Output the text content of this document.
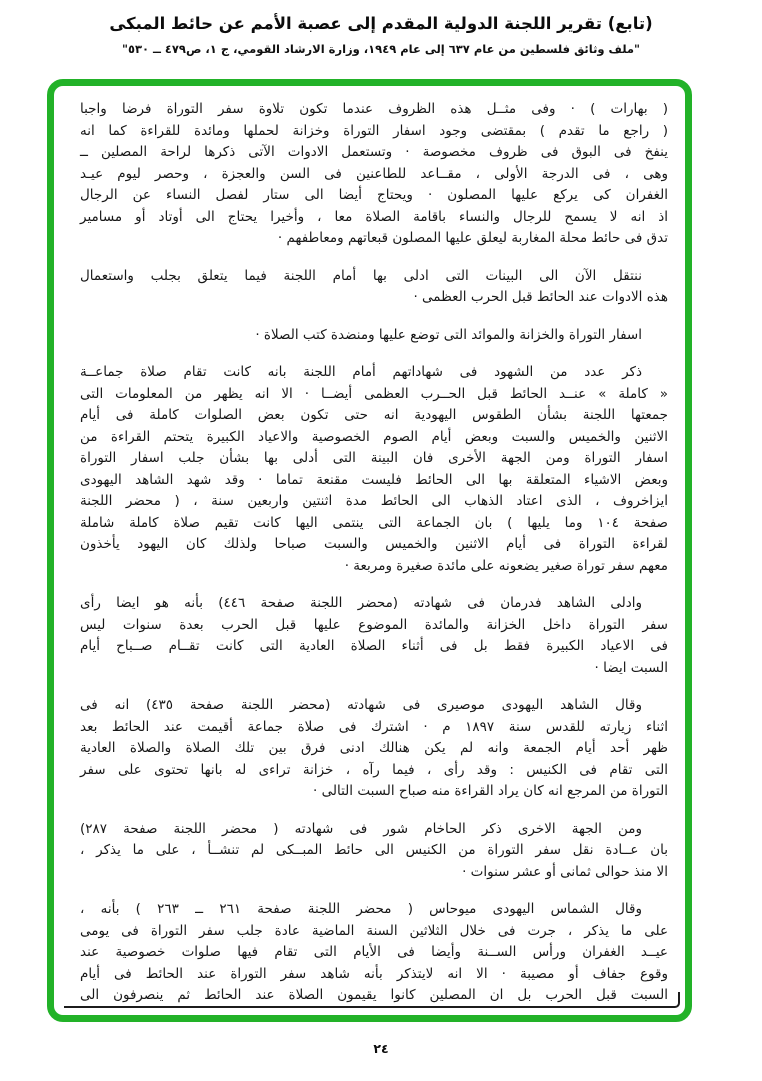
(تابع) تقرير اللجنة الدولية المقدم إلى عصبة الأمم عن حائط المبكى
"ملف وثائق فلسطين من عام ٦٣٧ إلى عام ١٩٤٩، وزارة الارشاد القومي، ج ١، ص٤٧٩ ــ ٥٣٠"
( بهارات ) · وفى مثــل هذه الظروف عندما تكون تلاوة سفر التوراة فرضا واجبا
( راجع ما تقدم ) بمقتضى وجود اسفار التوراة وخزانة لحملها ومائدة للقراءة كما انه
ينفخ فى البوق فى ظروف مخصوصة · وتستعمل الادوات الآتى ذكرها لراحة المصلين ــ
وهى ، فى الدرجة الأولى ، مقــاعد للطاعنين فى السن والعجزة ، وحصر ليوم عيـد
الغفران كى يركع عليها المصلون · ويحتاج أيضا الى ستار لفصل النساء عن الرجال
اذ انه لا يسمح للرجال والنساء باقامة الصلاة معا ، وأخيرا يحتاج الى أوتاد أو مسامير
تدق فى حائط محلة المغاربة ليعلق عليها المصلون قبعاتهم ومعاطفهم ·
ننتقل الآن الى البينات التى ادلى بها أمام اللجنة فيما يتعلق بجلب واستعمال
هذه الادوات عند الحائط قبل الحرب العظمى ·
اسفار التوراة والخزانة والموائد التى توضع عليها ومنضدة كتب الصلاة ·
ذكر عدد من الشهود فى شهاداتهم أمام اللجنة بانه كانت تقام صلاة جماعــة
« كاملة » عنــد الحائط قبل الحــرب العظمى أيضــا · الا انه يظهر من المعلومات التى
جمعتها اللجنة بشأن الطقوس اليهودية انه حتى تكون بعض الصلوات كاملة فى أيام
الاثنين والخميس والسبت وبعض أيام الصوم الخصوصية والاعياد الكبيرة يتحتم القراءة من
اسفار التوراة ومن الجهة الأخرى فان البينة التى أدلى بها بشأن جلب اسفار التوراة
وبعض الاشياء المتعلقة بها الى الحائط فليست مقنعة تماما · وقد شهد الشاهد اليهودى
ايزاخروف ، الذى اعتاد الذهاب الى الحائط مدة اثنتين واربعين سنة ، ( محضر اللجنة
صفحة ١٠٤ وما يليها ) بان الجماعة التى ينتمى اليها كانت تقيم صلاة كاملة شاملة
لقراءة التوراة فى أيام الاثنين والخميس والسبت صباحا ولذلك كان اليهود يأخذون
معهم سفر توراة صغير يضعونه على مائدة صغيرة ومربعة ·
وادلى الشاهد فدرمان فى شهادته (محضر اللجنة صفحة ٤٤٦) بأنه هو ايضا رأى
سفر التوراة داخل الخزانة والمائدة الموضوع عليها قبل الحرب بعدة سنوات ليس
فى الاعياد الكبيرة فقط بل فى أثناء الصلاة العادية التى كانت تقــام صــباح أيام
السبت ايضا ·
وقال الشاهد اليهودى موصيرى فى شهادته (محضر اللجنة صفحة ٤٣٥) انه فى
اثناء زيارته للقدس سنة ١٨٩٧ م · اشترك فى صلاة جماعة أقيمت عند الحائط بعد
ظهر أحد أيام الجمعة وانه لم يكن هنالك ادنى فرق بين تلك الصلاة والصلاة العادية
التى تقام فى الكنيس : وقد رأى ، فيما رآه ، خزانة تراءى له بانها تحتوى على سفر
التوراة من المرجع انه كان يراد القراءة منه صباح السبت التالى ·
ومن الجهة الاخرى ذكر الحاخام شور فى شهادته ( محضر اللجنة صفحة ٢٨٧)
بان عــادة نقل سفر التوراة من الكنيس الى حائط المبــكى لم تنشــأ ، على ما يذكر ،
الا منذ حوالى ثمانى أو عشر سنوات ·
وقال الشماس اليهودى ميوحاس ( محضر اللجنة صفحة ٢٦١ ــ ٢٦٣ ) بأنه ،
على ما يذكر ، جرت فى خلال الثلاثين السنة الماضية عادة جلب سفر التوراة فى يومى
عيــد الغفران ورأس الســنة وأيضا فى الأيام التى تقام فيها صلوات خصوصية عند
وقوع جفاف أو مصيبة · الا انه لايتذكر بأنه شاهد سفر التوراة عند الحائط فى أيام
السبت قبل الحرب بل ان المصلين كانوا يقيمون الصلاة عند الحائط ثم ينصرفون الى
٢٤
